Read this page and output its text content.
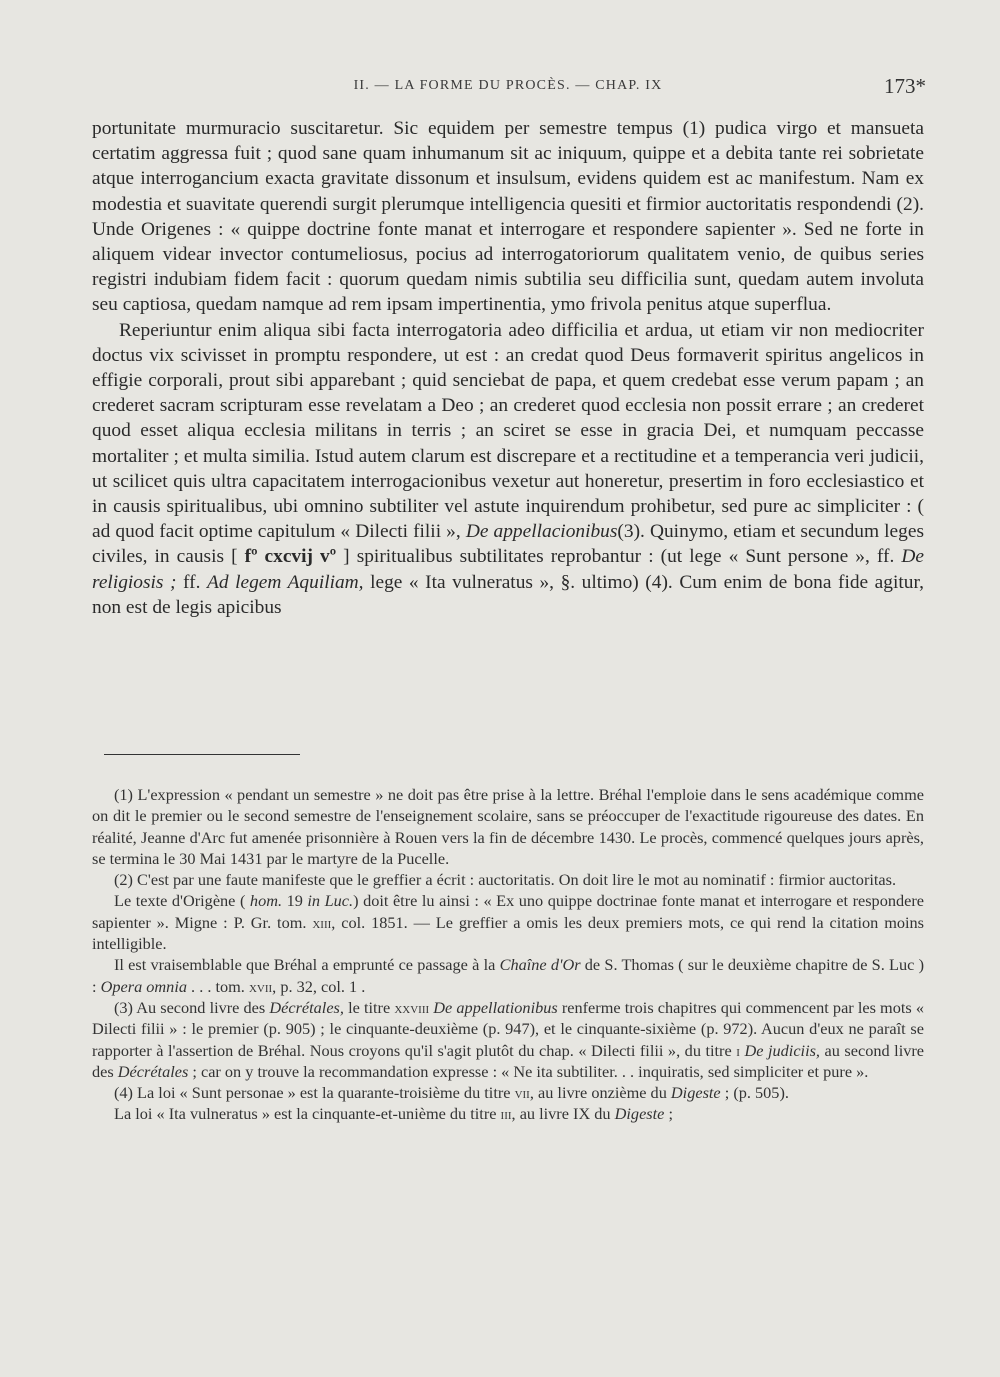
II. — LA FORME DU PROCÈS. — CHAP. IX	173*

portunitate murmuracio suscitaretur. Sic equidem per semestre tempus (1) pudica virgo et mansueta certatim aggressa fuit ; quod sane quam inhumanum sit ac iniquum, quippe et a debita tante rei sobrietate atque interrogancium exacta gravitate dissonum et insulsum, evidens quidem est ac manifestum. Nam ex modestia et suavitate querendi surgit plerumque intelligencia quesiti et firmior auctoritatis respondendi (2). Unde Origenes : « quippe doctrine fonte manat et interrogare et respondere sapienter ». Sed ne forte in aliquem videar invector contumeliosus, pocius ad interrogatoriorum qualitatem venio, de quibus series registri indubiam fidem facit : quorum quedam nimis subtilia seu difficilia sunt, quedam autem involuta seu captiosa, quedam namque ad rem ipsam impertinentia, ymo frivola penitus atque superflua.

Reperiuntur enim aliqua sibi facta interrogatoria adeo difficilia et ardua, ut etiam vir non mediocriter doctus vix scivisset in promptu respondere, ut est : an credat quod Deus formaverit spiritus angelicos in effigie corporali, prout sibi apparebant ; quid senciebat de papa, et quem credebat esse verum papam ; an crederet sacram scripturam esse revelatam a Deo ; an crederet quod ecclesia non possit errare ; an crederet quod esset aliqua ecclesia militans in terris ; an sciret se esse in gracia Dei, et numquam peccasse mortaliter ; et multa similia. Istud autem clarum est discrepare et a rectitudine et a temperancia veri judicii, ut scilicet quis ultra capacitatem interrogacionibus vexetur aut honeretur, presertim in foro ecclesiastico et in causis spiritualibus, ubi omnino subtiliter vel astute inquirendum prohibetur, sed pure ac simpliciter : ( ad quod facit optime capitulum « Dilecti filii », De appellacionibus(3). Quinymo, etiam et secundum leges civiles, in causis [ fº cxcvij vº ] spiritualibus subtilitates reprobantur : (ut lege « Sunt persone », ff. De religiosis ; ff. Ad legem Aquiliam, lege « Ita vulneratus », §. ultimo) (4). Cum enim de bona fide agitur, non est de legis apicibus

(1) L'expression « pendant un semestre » ne doit pas être prise à la lettre. Bréhal l'emploie dans le sens académique comme on dit le premier ou le second semestre de l'enseignement scolaire, sans se préoccuper de l'exactitude rigoureuse des dates. En réalité, Jeanne d'Arc fut amenée prisonnière à Rouen vers la fin de décembre 1430. Le procès, commencé quelques jours après, se termina le 30 Mai 1431 par le martyre de la Pucelle.

(2) C'est par une faute manifeste que le greffier a écrit : auctoritatis. On doit lire le mot au nominatif : firmior auctoritas.

Le texte d'Origène ( hom. 19 in Luc.) doit être lu ainsi : « Ex uno quippe doctrinae fonte manat et interrogare et respondere sapienter ». Migne : P. Gr. tom. xiii, col. 1851. — Le greffier a omis les deux premiers mots, ce qui rend la citation moins intelligible.

Il est vraisemblable que Bréhal a emprunté ce passage à la Chaîne d'Or de S. Thomas ( sur le deuxième chapitre de S. Luc ) : Opera omnia . . . tom. xvii, p. 32, col. 1 .

(3) Au second livre des Décrétales, le titre xxviii De appellationibus renferme trois chapitres qui commencent par les mots « Dilecti filii » : le premier (p. 905) ; le cinquante-deuxième (p. 947), et le cinquante-sixième (p. 972). Aucun d'eux ne paraît se rapporter à l'assertion de Bréhal. Nous croyons qu'il s'agit plutôt du chap. « Dilecti filii », du titre i De judiciis, au second livre des Décrétales ; car on y trouve la recommandation expresse : « Ne ita subtiliter. . . inquiratis, sed simpliciter et pure ».

(4) La loi « Sunt personae » est la quarante-troisième du titre vii, au livre onzième du Digeste ; (p. 505).

La loi « Ita vulneratus » est la cinquante-et-unième du titre iii, au livre IX du Digeste ;
